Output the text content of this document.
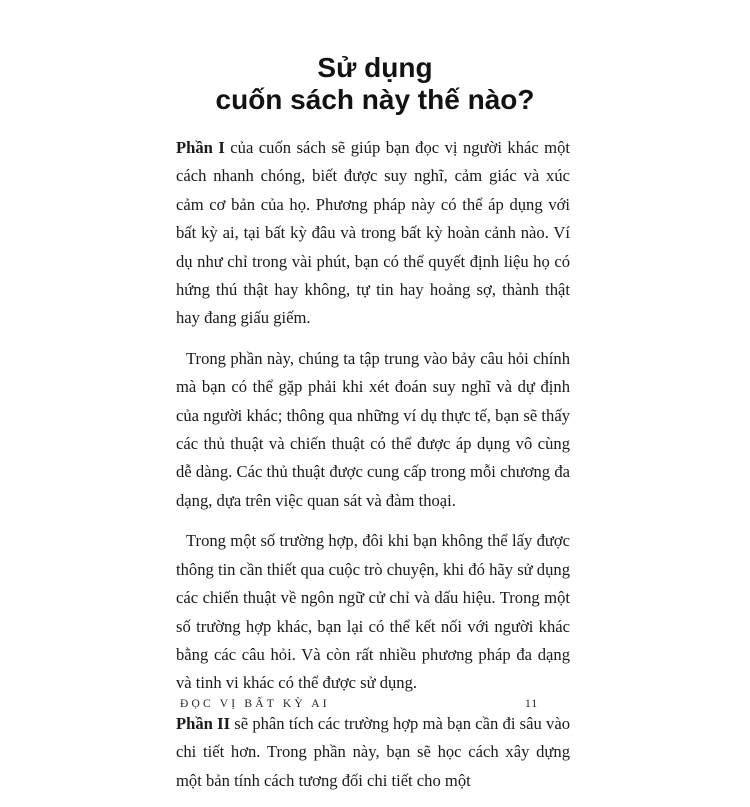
Sử dụng
cuốn sách này thế nào?

Phần I của cuốn sách sẽ giúp bạn đọc vị người khác một cách nhanh chóng, biết được suy nghĩ, cảm giác và xúc cảm cơ bản của họ. Phương pháp này có thể áp dụng với bất kỳ ai, tại bất kỳ đâu và trong bất kỳ hoàn cảnh nào. Ví dụ như chỉ trong vài phút, bạn có thể quyết định liệu họ có hứng thú thật hay không, tự tin hay hoảng sợ, thành thật hay đang giấu giếm.

Trong phần này, chúng ta tập trung vào bảy câu hỏi chính mà bạn có thể gặp phải khi xét đoán suy nghĩ và dự định của người khác; thông qua những ví dụ thực tế, bạn sẽ thấy các thủ thuật và chiến thuật có thể được áp dụng vô cùng dễ dàng. Các thủ thuật được cung cấp trong mỗi chương đa dạng, dựa trên việc quan sát và đàm thoại.

Trong một số trường hợp, đôi khi bạn không thể lấy được thông tin cần thiết qua cuộc trò chuyện, khi đó hãy sử dụng các chiến thuật về ngôn ngữ cử chỉ và dấu hiệu. Trong một số trường hợp khác, bạn lại có thể kết nối với người khác bằng các câu hỏi. Và còn rất nhiều phương pháp đa dạng và tinh vi khác có thể được sử dụng.

Phần II sẽ phân tích các trường hợp mà bạn cần đi sâu vào chi tiết hơn. Trong phần này, bạn sẽ học cách xây dựng một bản tính cách tương đối chi tiết cho một

ĐỌC VỊ BẤT KỲ AI	11
